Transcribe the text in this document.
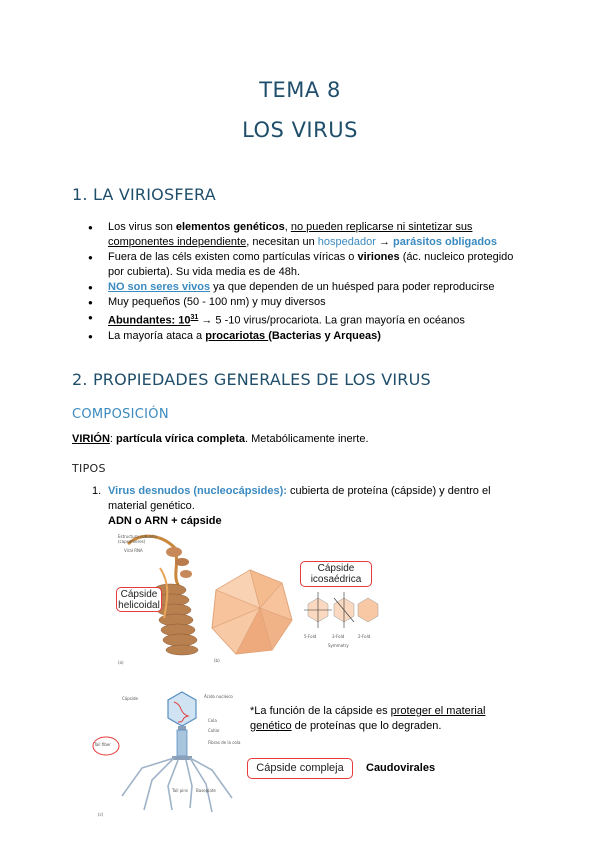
TEMA 8
LOS VIRUS
1. LA VIRIOSFERA
● Los virus son elementos genéticos, no pueden replicarse ni sintetizar sus componentes independiente, necesitan un hospedador → parásitos obligados
● Fuera de las céls existen como partículas víricas o viriones (ác. nucleico protegido por cubierta). Su vida media es de 48h.
● NO son seres vivos ya que dependen de un huésped para poder reproducirse
● Muy pequeños (50 - 100 nm) y muy diversos
● Abundantes: $10^{31} \to 5$ -10 virus/procariota. La gran mayoría en océanos
● La mayoría ataca a procariotas (Bacterias y Arqueas)
2. PROPIEDADES GENERALES DE LOS VIRUS
COMPOSICIÓN
VIRIÓN: partícula vírica completa. Metabólicamente inerte.
TIPOS
1. Virus desnudos (nucleocápsides): cubierta de proteína (cápside) y dentro el material genético.
ADN o ARN + cápside
Estructura subunits
(capsomeres)
Viral RNA
(a)	(b)
5-Fold	3-Fold	2-Fold
Symmetry
Cápside
helicoidal
Cápside
icosaédrica
Cápside	Ácido nucleico
Cola
Collar
Fibras de la cola
Tail fiber
Tail pins Baseplate
(c)
*La función de la cápside es proteger el material genético de proteínas que lo degraden.
Cápside compleja	Caudovirales
